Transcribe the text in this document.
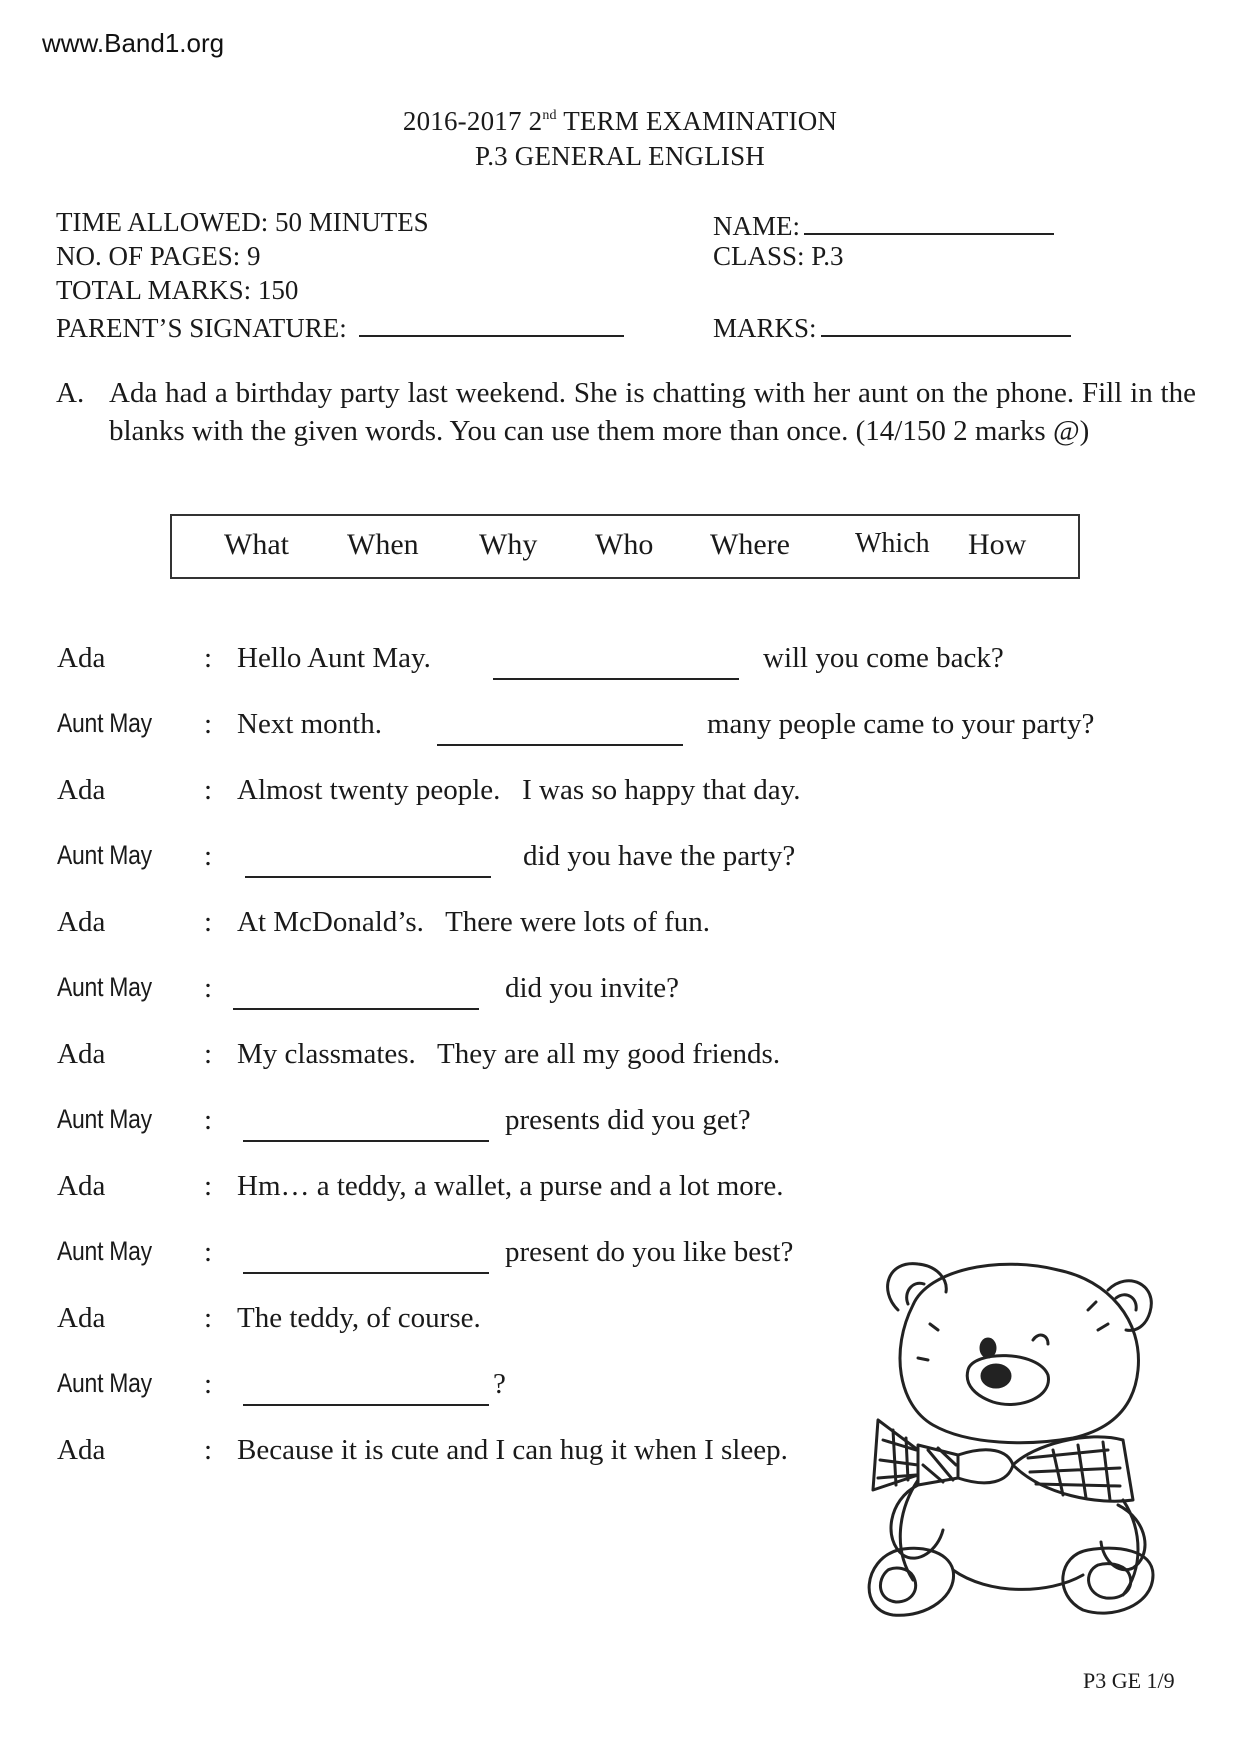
www.Band1.org
2016-2017 2nd TERM EXAMINATION
P.3 GENERAL ENGLISH
TIME ALLOWED: 50 MINUTES
NO. OF PAGES: 9
TOTAL MARKS: 150
PARENT’S SIGNATURE:
NAME:
CLASS: P.3
MARKS:
A. Ada had a birthday party last weekend. She is chatting with her aunt on the phone. Fill in the blanks with the given words. You can use them more than once. (14/150 2 marks @)
What When Why Who Where Which How
Ada	: Hello Aunt May.	will you come back?
Aunt May : Next month.	many people came to your party?
Ada	: Almost twenty people.   I was so happy that day.
Aunt May :	did you have the party?
Ada	: At McDonald’s.   There were lots of fun.
Aunt May :	did you invite?
Ada	: My classmates.   They are all my good friends.
Aunt May :	presents did you get?
Ada	: Hm… a teddy, a wallet, a purse and a lot more.
Aunt May :	present do you like best?
Ada	: The teddy, of course.
Aunt May :	?
Ada	: Because it is cute and I can hug it when I sleep.
P3 GE 1/9
